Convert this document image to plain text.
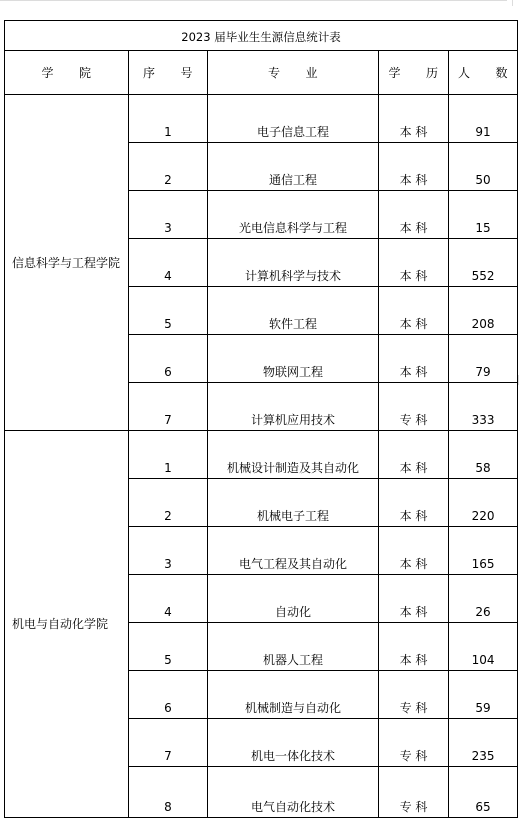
2023 届毕业生生源信息统计表				
学　　院	序　　号	专　　业	学　　历	人　　数
信息科学与工程学院	1	电子信息工程	本 科	91
	2	通信工程	本 科	50
	3	光电信息科学与工程	本 科	15
	4	计算机科学与技术	本 科	552
	5	软件工程	本 科	208
	6	物联网工程	本 科	79
	7	计算机应用技术	专 科	333
机电与自动化学院	1	机械设计制造及其自动化	本 科	58
	2	机械电子工程	本 科	220
	3	电气工程及其自动化	本 科	165
	4	自动化	本 科	26
	5	机器人工程	本 科	104
	6	机械制造与自动化	专 科	59
	7	机电一体化技术	专 科	235
	8	电气自动化技术	专 科	65
